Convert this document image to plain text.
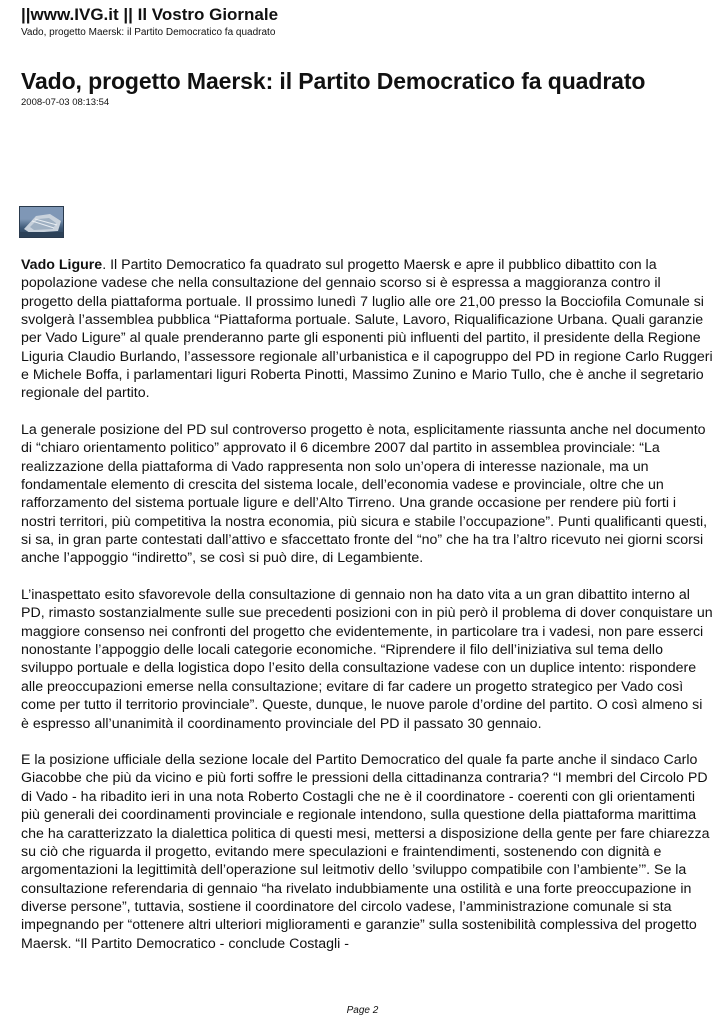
||www.IVG.it || Il Vostro Giornale
Vado, progetto Maersk: il Partito Democratico fa quadrato
Vado, progetto Maersk: il Partito Democratico fa quadrato
2008-07-03 08:13:54

Vado Ligure. Il Partito Democratico fa quadrato sul progetto Maersk e apre il pubblico dibattito con la popolazione vadese che nella consultazione del gennaio scorso si è espressa a maggioranza contro il progetto della piattaforma portuale. Il prossimo lunedì 7 luglio alle ore 21,00 presso la Bocciofila Comunale si svolgerà l’assemblea pubblica “Piattaforma portuale. Salute, Lavoro, Riqualificazione Urbana. Quali garanzie per Vado Ligure” al quale prenderanno parte gli esponenti più influenti del partito, il presidente della Regione Liguria Claudio Burlando, l’assessore regionale all’urbanistica e il capogruppo del PD in regione Carlo Ruggeri e Michele Boffa, i parlamentari liguri Roberta Pinotti, Massimo Zunino e Mario Tullo, che è anche il segretario regionale del partito.

La generale posizione del PD sul controverso progetto è nota, esplicitamente riassunta anche nel documento di “chiaro orientamento politico” approvato il 6 dicembre 2007 dal partito in assemblea provinciale: “La realizzazione della piattaforma di Vado rappresenta non solo un’opera di interesse nazionale, ma un fondamentale elemento di crescita del sistema locale, dell’economia vadese e provinciale, oltre che un rafforzamento del sistema portuale ligure e dell’Alto Tirreno. Una grande occasione per rendere più forti i nostri territori, più competitiva la nostra economia, più sicura e stabile l’occupazione”. Punti qualificanti questi, si sa, in gran parte contestati dall’attivo e sfaccettato fronte del “no” che ha tra l’altro ricevuto nei giorni scorsi anche l’appoggio “indiretto”, se così si può dire, di Legambiente.

L’inaspettato esito sfavorevole della consultazione di gennaio non ha dato vita a un gran dibattito interno al PD, rimasto sostanzialmente sulle sue precedenti posizioni con in più però il problema di dover conquistare un maggiore consenso nei confronti del progetto che evidentemente, in particolare tra i vadesi, non pare esserci nonostante l’appoggio delle locali categorie economiche. “Riprendere il filo dell’iniziativa sul tema dello sviluppo portuale e della logistica dopo l’esito della consultazione vadese con un duplice intento: rispondere alle preoccupazioni emerse nella consultazione; evitare di far cadere un progetto strategico per Vado così come per tutto il territorio provinciale”. Queste, dunque, le nuove parole d’ordine del partito. O così almeno si è espresso all’unanimità il coordinamento provinciale del PD il passato 30 gennaio.

E la posizione ufficiale della sezione locale del Partito Democratico del quale fa parte anche il sindaco Carlo Giacobbe che più da vicino e più forti soffre le pressioni della cittadinanza contraria? “I membri del Circolo PD di Vado - ha ribadito ieri in una nota Roberto Costagli che ne è il coordinatore - coerenti con gli orientamenti più generali dei coordinamenti provinciale e regionale intendono, sulla questione della piattaforma marittima che ha caratterizzato la dialettica politica di questi mesi, mettersi a disposizione della gente per fare chiarezza su ciò che riguarda il progetto, evitando mere speculazioni e fraintendimenti, sostenendo con dignità e argomentazioni la legittimità dell’operazione sul leitmotiv dello ’sviluppo compatibile con l’ambiente’”. Se la consultazione referendaria di gennaio “ha rivelato indubbiamente una ostilità e una forte preoccupazione in diverse persone”, tuttavia, sostiene il coordinatore del circolo vadese, l’amministrazione comunale si sta impegnando per “ottenere altri ulteriori miglioramenti e garanzie” sulla sostenibilità complessiva del progetto Maersk. “Il Partito Democratico - conclude Costagli -

Page 2
